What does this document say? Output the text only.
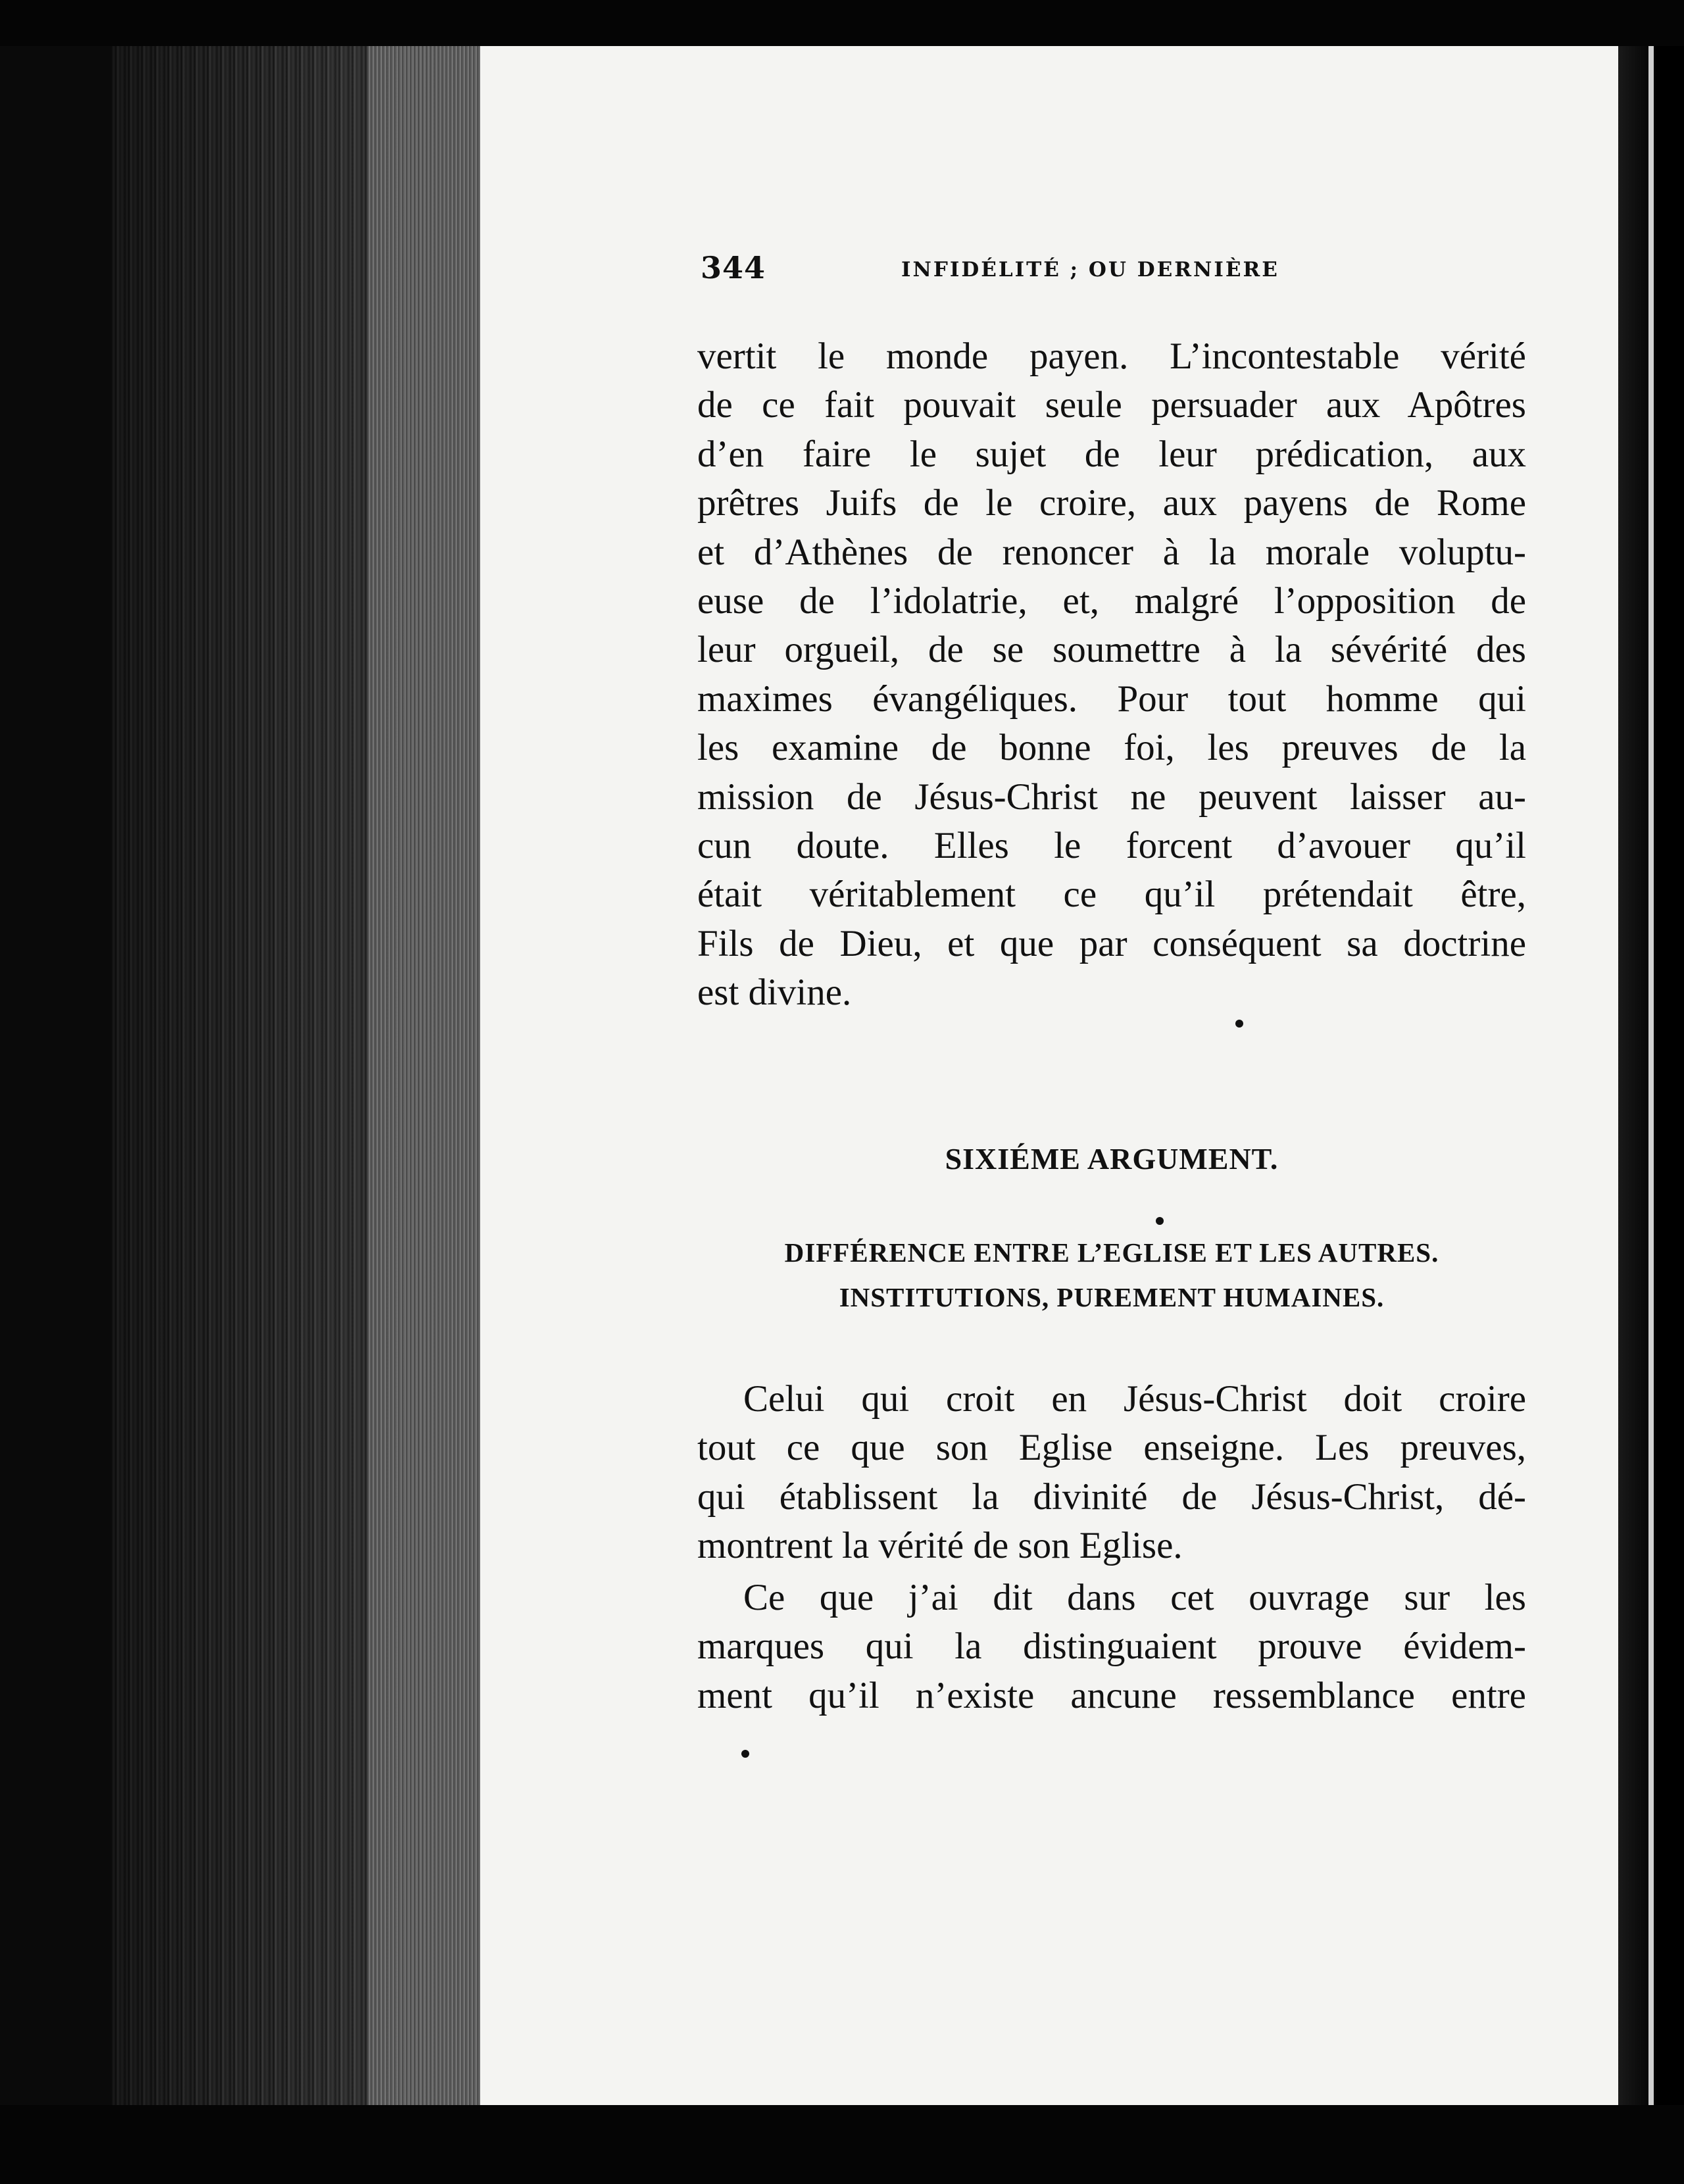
344	INFIDÉLITÉ ; OU DERNIÈRE
vertit le monde payen. L’incontestable vérité
de ce fait pouvait seule persuader aux Apôtres
d’en faire le sujet de leur prédication, aux
prêtres Juifs de le croire, aux payens de Rome
et d’Athènes de renoncer à la morale voluptu-
euse de l’idolatrie, et, malgré l’opposition de
leur orgueil, de se soumettre à la sévérité des
maximes évangéliques. Pour tout homme qui
les examine de bonne foi, les preuves de la
mission de Jésus-Christ ne peuvent laisser au-
cun doute. Elles le forcent d’avouer qu’il
était véritablement ce qu’il prétendait être,
Fils de Dieu, et que par conséquent sa doctrine
est divine.
SIXIÉME ARGUMENT.
DIFFÉRENCE ENTRE L’EGLISE ET LES AUTRES.
INSTITUTIONS, PUREMENT HUMAINES.
Celui qui croit en Jésus-Christ doit croire
tout ce que son Eglise enseigne. Les preuves,
qui établissent la divinité de Jésus-Christ, dé-
montrent la vérité de son Eglise.
Ce que j’ai dit dans cet ouvrage sur les
marques qui la distinguaient prouve évidem-
ment qu’il n’existe ancune ressemblance entre
